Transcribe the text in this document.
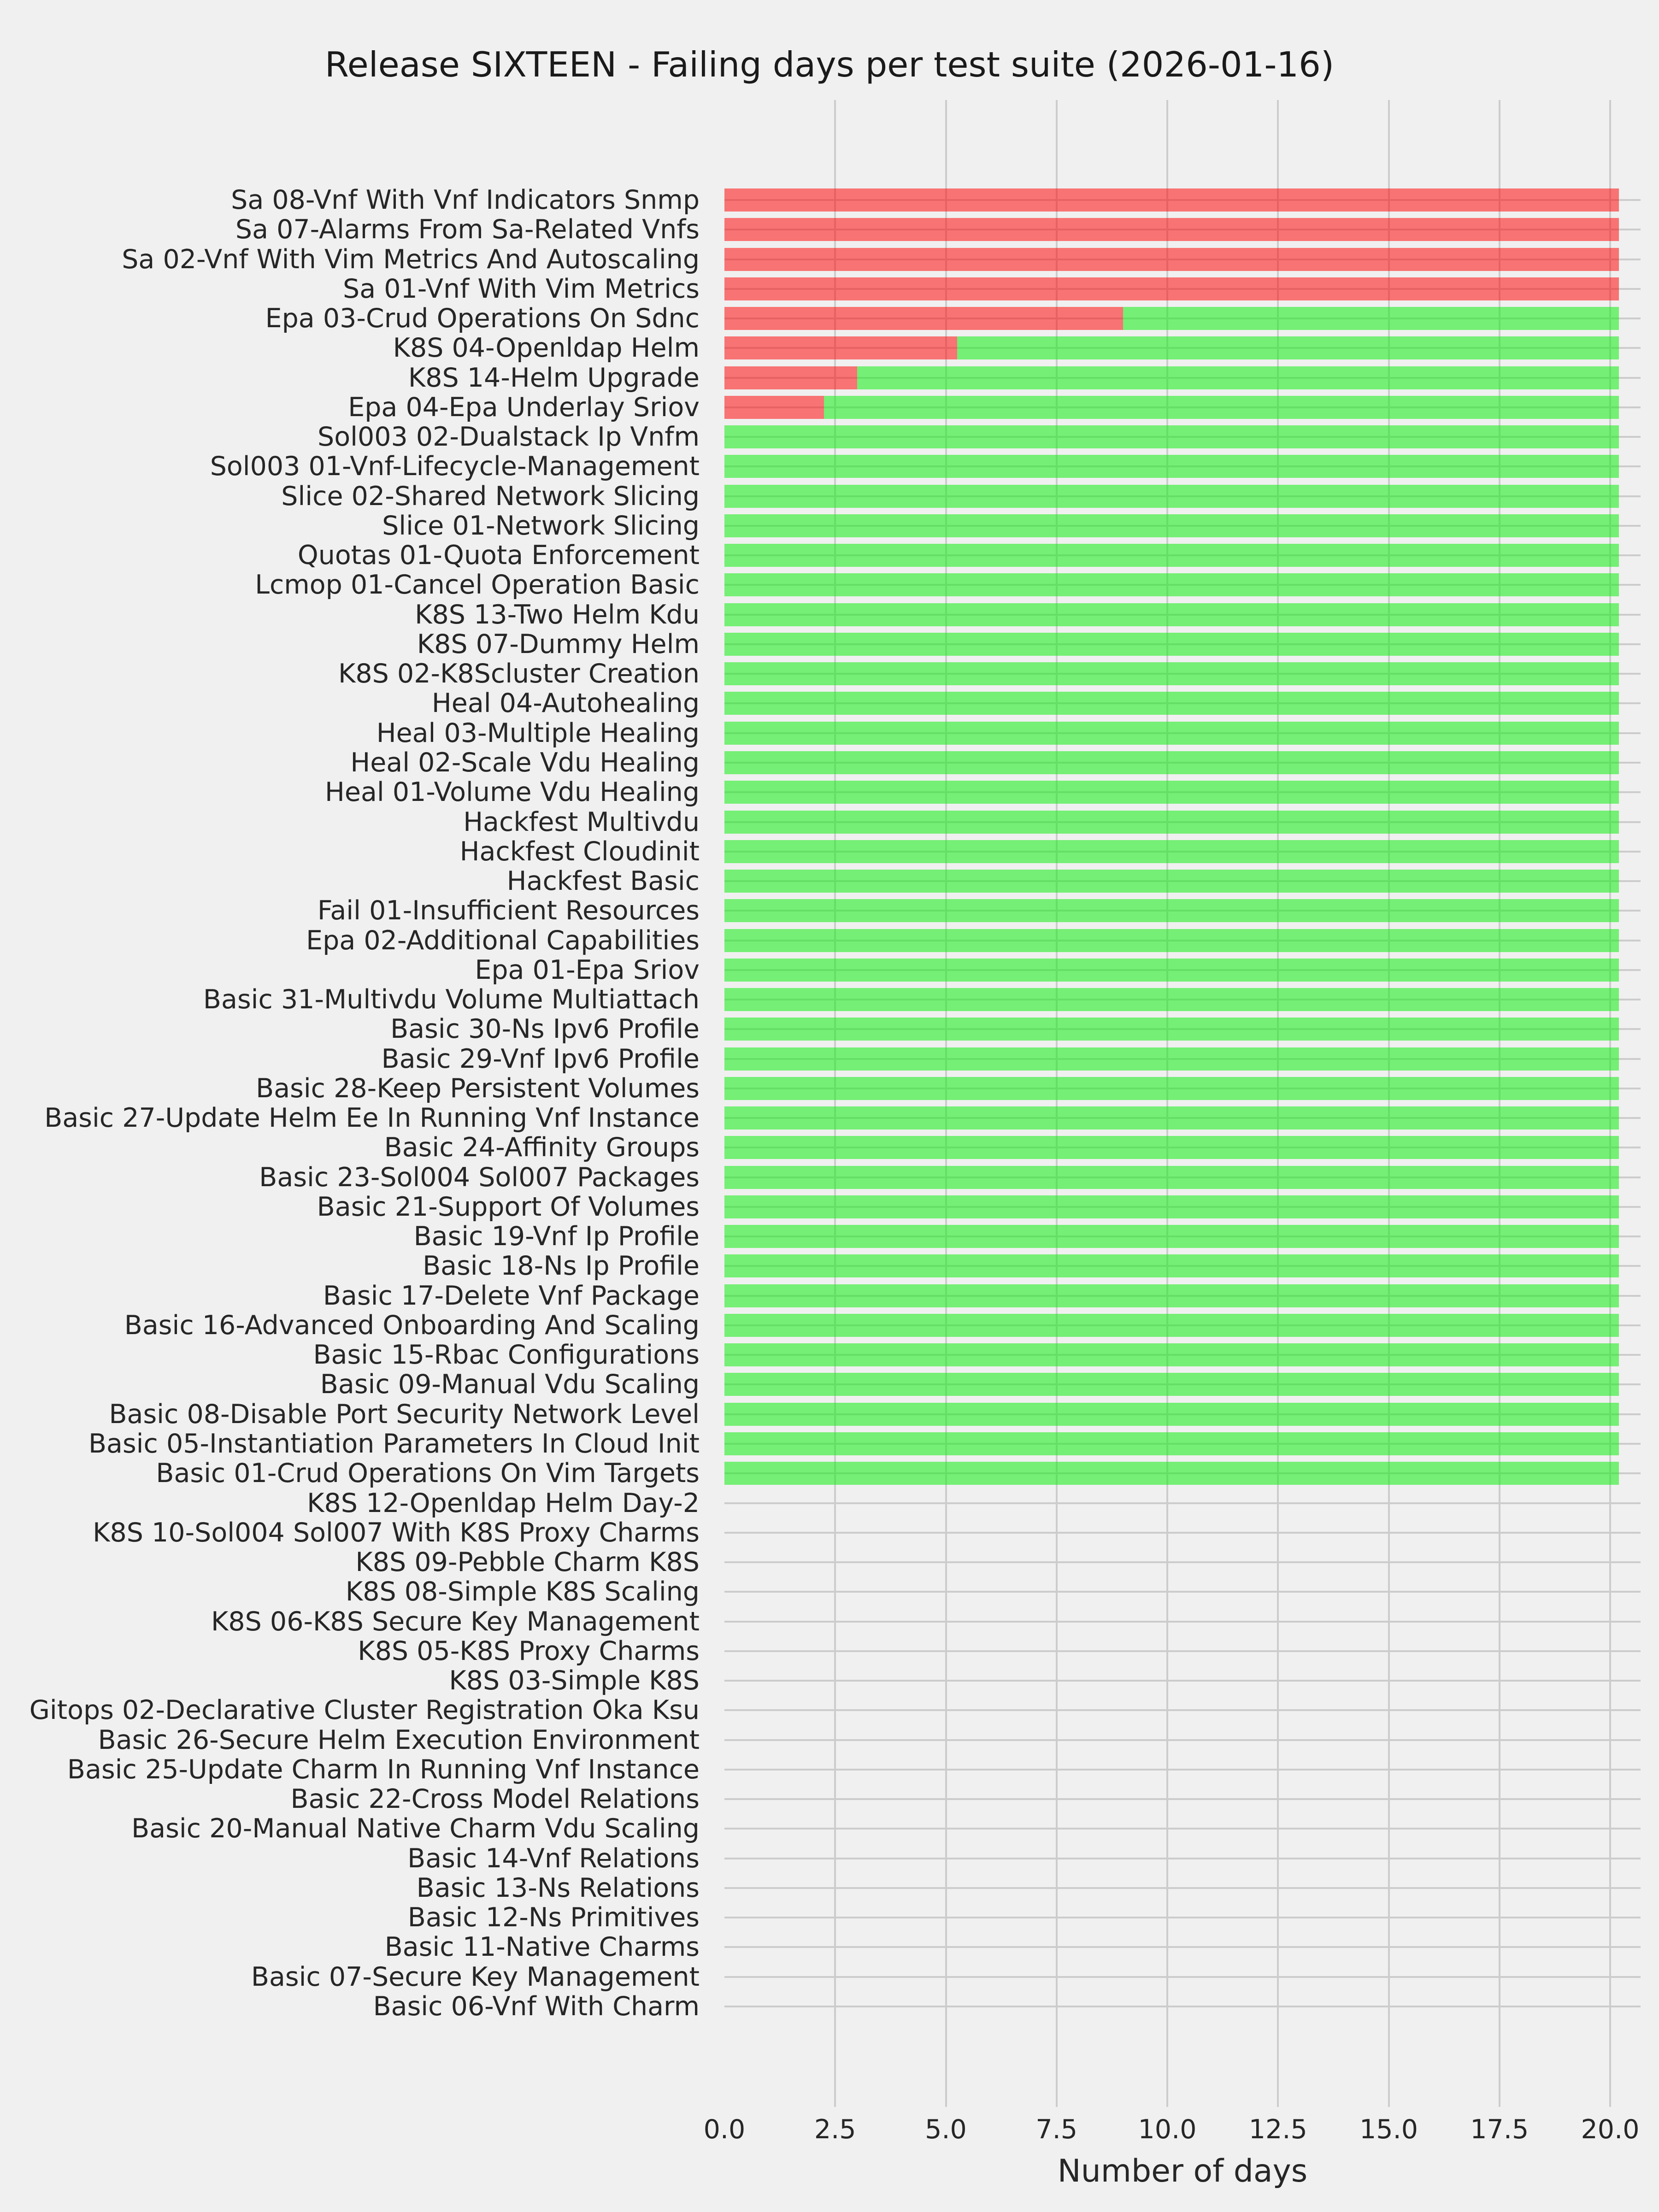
Release SIXTEEN - Failing days per test suite (2026-01-16)
Sa 08-Vnf With Vnf Indicators Snmp
Sa 07-Alarms From Sa-Related Vnfs
Sa 02-Vnf With Vim Metrics And Autoscaling
Sa 01-Vnf With Vim Metrics
Epa 03-Crud Operations On Sdnc
K8S 04-Openldap Helm
K8S 14-Helm Upgrade
Epa 04-Epa Underlay Sriov
Sol003 02-Dualstack Ip Vnfm
Sol003 01-Vnf-Lifecycle-Management
Slice 02-Shared Network Slicing
Slice 01-Network Slicing
Quotas 01-Quota Enforcement
Lcmop 01-Cancel Operation Basic
K8S 13-Two Helm Kdu
K8S 07-Dummy Helm
K8S 02-K8Scluster Creation
Heal 04-Autohealing
Heal 03-Multiple Healing
Heal 02-Scale Vdu Healing
Heal 01-Volume Vdu Healing
Hackfest Multivdu
Hackfest Cloudinit
Hackfest Basic
Fail 01-Insufficient Resources
Epa 02-Additional Capabilities
Epa 01-Epa Sriov
Basic 31-Multivdu Volume Multiattach
Basic 30-Ns Ipv6 Profile
Basic 29-Vnf Ipv6 Profile
Basic 28-Keep Persistent Volumes
Basic 27-Update Helm Ee In Running Vnf Instance
Basic 24-Affinity Groups
Basic 23-Sol004 Sol007 Packages
Basic 21-Support Of Volumes
Basic 19-Vnf Ip Profile
Basic 18-Ns Ip Profile
Basic 17-Delete Vnf Package
Basic 16-Advanced Onboarding And Scaling
Basic 15-Rbac Configurations
Basic 09-Manual Vdu Scaling
Basic 08-Disable Port Security Network Level
Basic 05-Instantiation Parameters In Cloud Init
Basic 01-Crud Operations On Vim Targets
K8S 12-Openldap Helm Day-2
K8S 10-Sol004 Sol007 With K8S Proxy Charms
K8S 09-Pebble Charm K8S
K8S 08-Simple K8S Scaling
K8S 06-K8S Secure Key Management
K8S 05-K8S Proxy Charms
K8S 03-Simple K8S
Gitops 02-Declarative Cluster Registration Oka Ksu
Basic 26-Secure Helm Execution Environment
Basic 25-Update Charm In Running Vnf Instance
Basic 22-Cross Model Relations
Basic 20-Manual Native Charm Vdu Scaling
Basic 14-Vnf Relations
Basic 13-Ns Relations
Basic 12-Ns Primitives
Basic 11-Native Charms
Basic 07-Secure Key Management
Basic 06-Vnf With Charm
0.0	2.5	5.0	7.5 10.0 12.5 15.0 17.5 20.0
Number of days
